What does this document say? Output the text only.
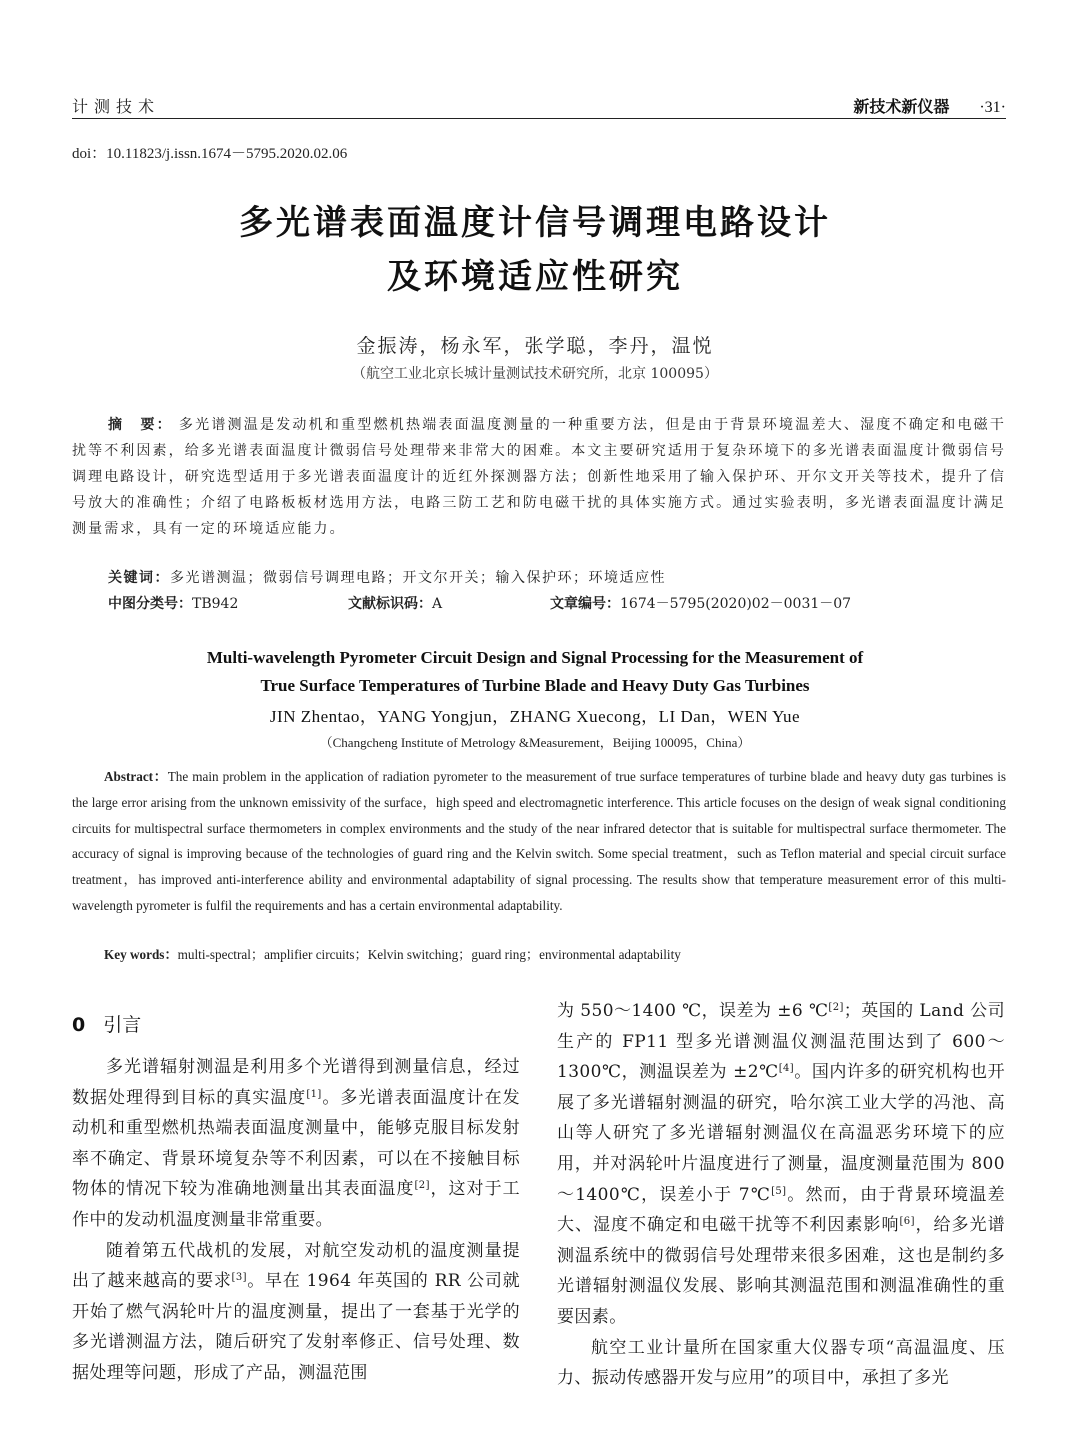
计测技术	新技术新仪器 ·31·
doi：10.11823/j.issn.1674－5795.2020.02.06
多光谱表面温度计信号调理电路设计
及环境适应性研究
金振涛，杨永军，张学聪，李丹，温悦
（航空工业北京长城计量测试技术研究所，北京 100095）
摘　要： 多光谱测温是发动机和重型燃机热端表面温度测量的一种重要方法，但是由于背景环境温差大、湿度不确定和电磁干扰等不利因素，给多光谱表面温度计微弱信号处理带来非常大的困难。本文主要研究适用于复杂环境下的多光谱表面温度计微弱信号调理电路设计，研究选型适用于多光谱表面温度计的近红外探测器方法；创新性地采用了输入保护环、开尔文开关等技术，提升了信号放大的准确性；介绍了电路板板材选用方法，电路三防工艺和防电磁干扰的具体实施方式。通过实验表明，多光谱表面温度计满足测量需求，具有一定的环境适应能力。
关键词：多光谱测温；微弱信号调理电路；开文尔开关；输入保护环；环境适应性
中图分类号：TB942	文献标识码：A	文章编号：1674－5795(2020)02－0031－07
Multi-wavelength Pyrometer Circuit Design and Signal Processing for the Measurement of
True Surface Temperatures of Turbine Blade and Heavy Duty Gas Turbines
JIN Zhentao，YANG Yongjun，ZHANG Xuecong，LI Dan，WEN Yue
（Changcheng Institute of Metrology &Measurement，Beijing 100095，China）
Abstract：The main problem in the application of radiation pyrometer to the measurement of true surface temperatures of turbine blade and heavy duty gas turbines is the large error arising from the unknown emissivity of the surface，high speed and electromagnetic interference. This article focuses on the design of weak signal conditioning circuits for multispectral surface thermometers in complex environments and the study of the near infrared detector that is suitable for multispectral surface thermometer. The accuracy of signal is improving because of the technologies of guard ring and the Kelvin switch. Some special treatment，such as Teflon material and special circuit surface treatment，has improved anti-interference ability and environmental adaptability of signal processing. The results show that temperature measurement error of this multi-wavelength pyrometer is fulfil the requirements and has a certain environmental adaptability.
Key words：multi-spectral；amplifier circuits；Kelvin switching；guard ring；environmental adaptability
0 引言

多光谱辐射测温是利用多个光谱得到测量信息，经过数据处理得到目标的真实温度[1]。多光谱表面温度计在发动机和重型燃机热端表面温度测量中，能够克服目标发射率不确定、背景环境复杂等不利因素，可以在不接触目标物体的情况下较为准确地测量出其表面温度[2]，这对于工作中的发动机温度测量非常重要。

随着第五代战机的发展，对航空发动机的温度测量提出了越来越高的要求[3]。早在 1964 年英国的 RR 公司就开始了燃气涡轮叶片的温度测量，提出了一套基于光学的多光谱测温方法，随后研究了发射率修正、信号处理、数据处理等问题，形成了产品，测温范围

为 550～1400 ℃，误差为 ±6 ℃[2]；英国的 Land 公司生产的 FP11 型多光谱测温仪测温范围达到了 600～1300℃，测温误差为 ±2℃[4]。国内许多的研究机构也开展了多光谱辐射测温的研究，哈尔滨工业大学的冯池、高山等人研究了多光谱辐射测温仪在高温恶劣环境下的应用，并对涡轮叶片温度进行了测量，温度测量范围为 800～1400℃，误差小于 7℃[5]。然而，由于背景环境温差大、湿度不确定和电磁干扰等不利因素影响[6]，给多光谱测温系统中的微弱信号处理带来很多困难，这也是制约多光谱辐射测温仪发展、影响其测温范围和测温准确性的重要因素。

航空工业计量所在国家重大仪器专项“高温温度、压力、振动传感器开发与应用”的项目中，承担了多光
